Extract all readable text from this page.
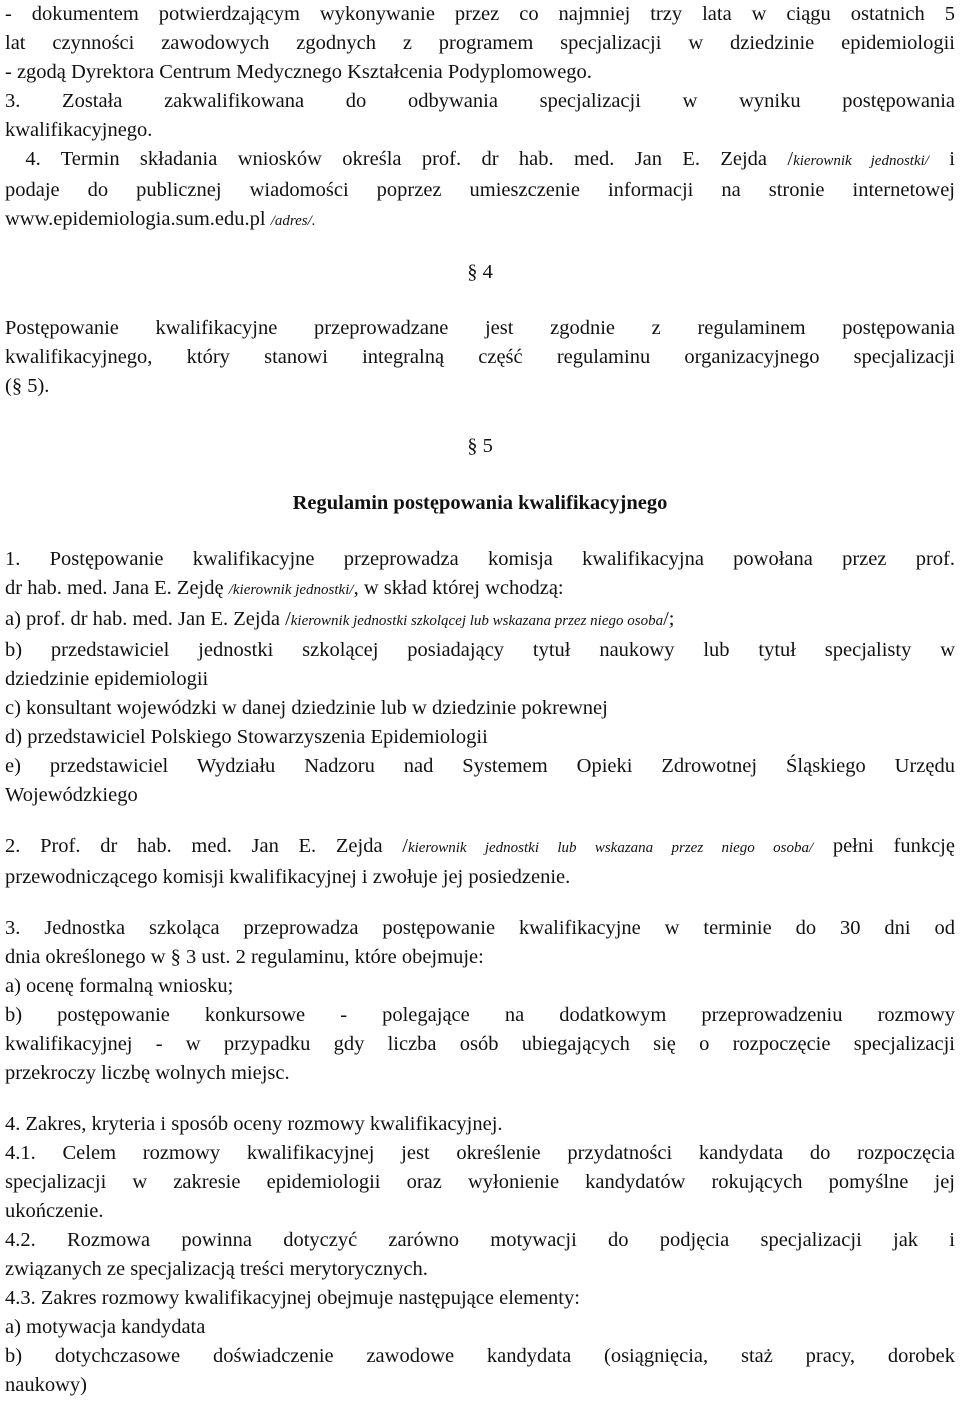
- dokumentem potwierdzającym wykonywanie przez co najmniej trzy lata w ciągu ostatnich 5
lat czynności zawodowych zgodnych z programem specjalizacji w dziedzinie epidemiologii
- zgodą Dyrektora Centrum Medycznego Kształcenia Podyplomowego.

3. Została zakwalifikowana do odbywania specjalizacji w wyniku postępowania
kwalifikacyjnego.

4. Termin składania wniosków określa prof. dr hab. med. Jan E. Zejda /kierownik jednostki/ i
podaje do publicznej wiadomości poprzez umieszczenie informacji na stronie internetowej
www.epidemiologia.sum.edu.pl /adres/.

§ 4

Postępowanie kwalifikacyjne przeprowadzane jest zgodnie z regulaminem postępowania
kwalifikacyjnego, który stanowi integralną część regulaminu organizacyjnego specjalizacji
(§ 5).

§ 5

Regulamin postępowania kwalifikacyjnego

1. Postępowanie kwalifikacyjne przeprowadza komisja kwalifikacyjna powołana przez prof.
dr hab. med. Jana E. Zejdę /kierownik jednostki/, w skład której wchodzą:
a) prof. dr hab. med. Jan E. Zejda /kierownik jednostki szkolącej lub wskazana przez niego osoba/;
b) przedstawiciel jednostki szkolącej posiadający tytuł naukowy lub tytuł specjalisty w
dziedzinie epidemiologii
c) konsultant wojewódzki w danej dziedzinie lub w dziedzinie pokrewnej
d) przedstawiciel Polskiego Stowarzyszenia Epidemiologii
e) przedstawiciel Wydziału Nadzoru nad Systemem Opieki Zdrowotnej Śląskiego Urzędu
Wojewódzkiego

2. Prof. dr hab. med. Jan E. Zejda /kierownik jednostki lub wskazana przez niego osoba/ pełni funkcję
przewodniczącego komisji kwalifikacyjnej i zwołuje jej posiedzenie.

3. Jednostka szkoląca przeprowadza postępowanie kwalifikacyjne w terminie do 30 dni od
dnia określonego w § 3 ust. 2 regulaminu, które obejmuje:
a) ocenę formalną wniosku;
b) postępowanie konkursowe - polegające na dodatkowym przeprowadzeniu rozmowy
kwalifikacyjnej - w przypadku gdy liczba osób ubiegających się o rozpoczęcie specjalizacji
przekroczy liczbę wolnych miejsc.

4. Zakres, kryteria i sposób oceny rozmowy kwalifikacyjnej.
4.1. Celem rozmowy kwalifikacyjnej jest określenie przydatności kandydata do rozpoczęcia
specjalizacji w zakresie epidemiologii oraz wyłonienie kandydatów rokujących pomyślne jej
ukończenie.
4.2. Rozmowa powinna dotyczyć zarówno motywacji do podjęcia specjalizacji jak i
związanych ze specjalizacją treści merytorycznych.
4.3. Zakres rozmowy kwalifikacyjnej obejmuje następujące elementy:
a) motywacja kandydata
b) dotychczasowe doświadczenie zawodowe kandydata (osiągnięcia, staż pracy, dorobek
naukowy)
